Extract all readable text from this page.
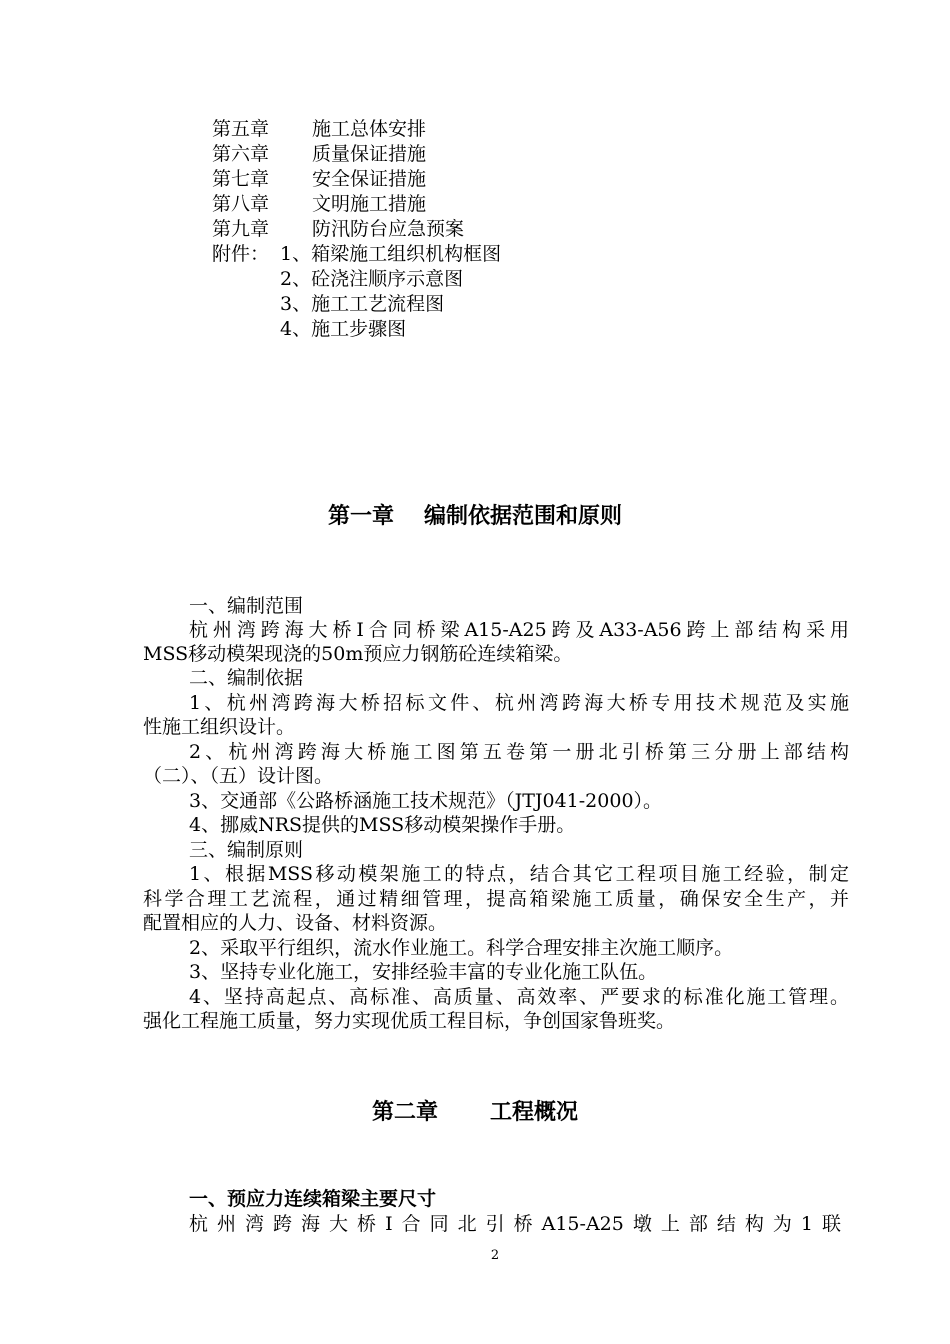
第五章 施工总体安排
第六章 质量保证措施
第七章 安全保证措施
第八章 文明施工措施
第九章 防汛防台应急预案
附件： 1、箱梁施工组织机构框图
2、砼浇注顺序示意图
3、施工工艺流程图
4、施工步骤图
第一章 编制依据范围和原则
一、编制范围
杭州湾跨海大桥Ⅰ合同桥梁A15-A25跨及A33-A56跨上部结构采用
MSS移动模架现浇的50m预应力钢筋砼连续箱梁。
二、编制依据
1、杭州湾跨海大桥招标文件、杭州湾跨海大桥专用技术规范及实施
性施工组织设计。
2、杭州湾跨海大桥施工图第五卷第一册北引桥第三分册上部结构
（二）、（五）设计图。
3、交通部《公路桥涵施工技术规范》（JTJ041-2000）。
4、挪威NRS提供的MSS移动模架操作手册。
三、编制原则
1、根据MSS移动模架施工的特点，结合其它工程项目施工经验，制定
科学合理工艺流程，通过精细管理，提高箱梁施工质量，确保安全生产，并
配置相应的人力、设备、材料资源。
2、采取平行组织，流水作业施工。科学合理安排主次施工顺序。
3、坚持专业化施工，安排经验丰富的专业化施工队伍。
4、坚持高起点、高标准、高质量、高效率、严要求的标准化施工管理。
强化工程施工质量，努力实现优质工程目标，争创国家鲁班奖。
第二章 工程概况
一、预应力连续箱梁主要尺寸
杭州湾跨海大桥Ⅰ合同北引桥A15-A25墩上部结构为1联
2
